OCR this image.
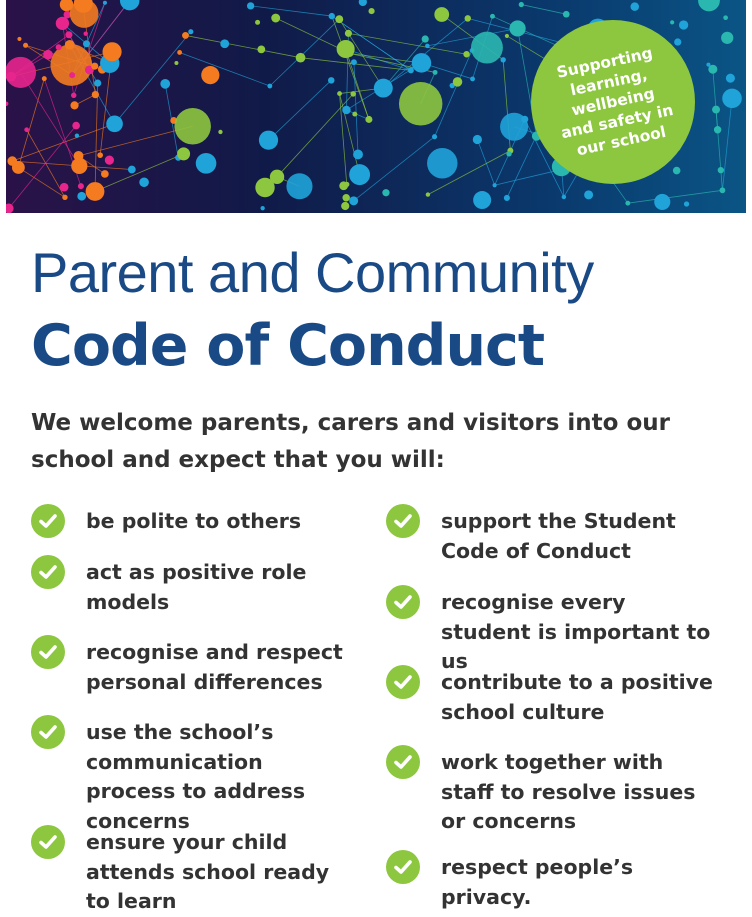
Supporting learning, wellbeing and safety in our school
Parent and Community
Code of Conduct

We welcome parents, carers and visitors into our school and expect that you will:

be polite to others
act as positive role models
recognise and respect personal differences
use the school’s communication process to address concerns
ensure your child attends school ready to learn
support the Student Code of Conduct
recognise every student is important to us
contribute to a positive school culture
work together with staff to resolve issues or concerns
respect people’s privacy.
